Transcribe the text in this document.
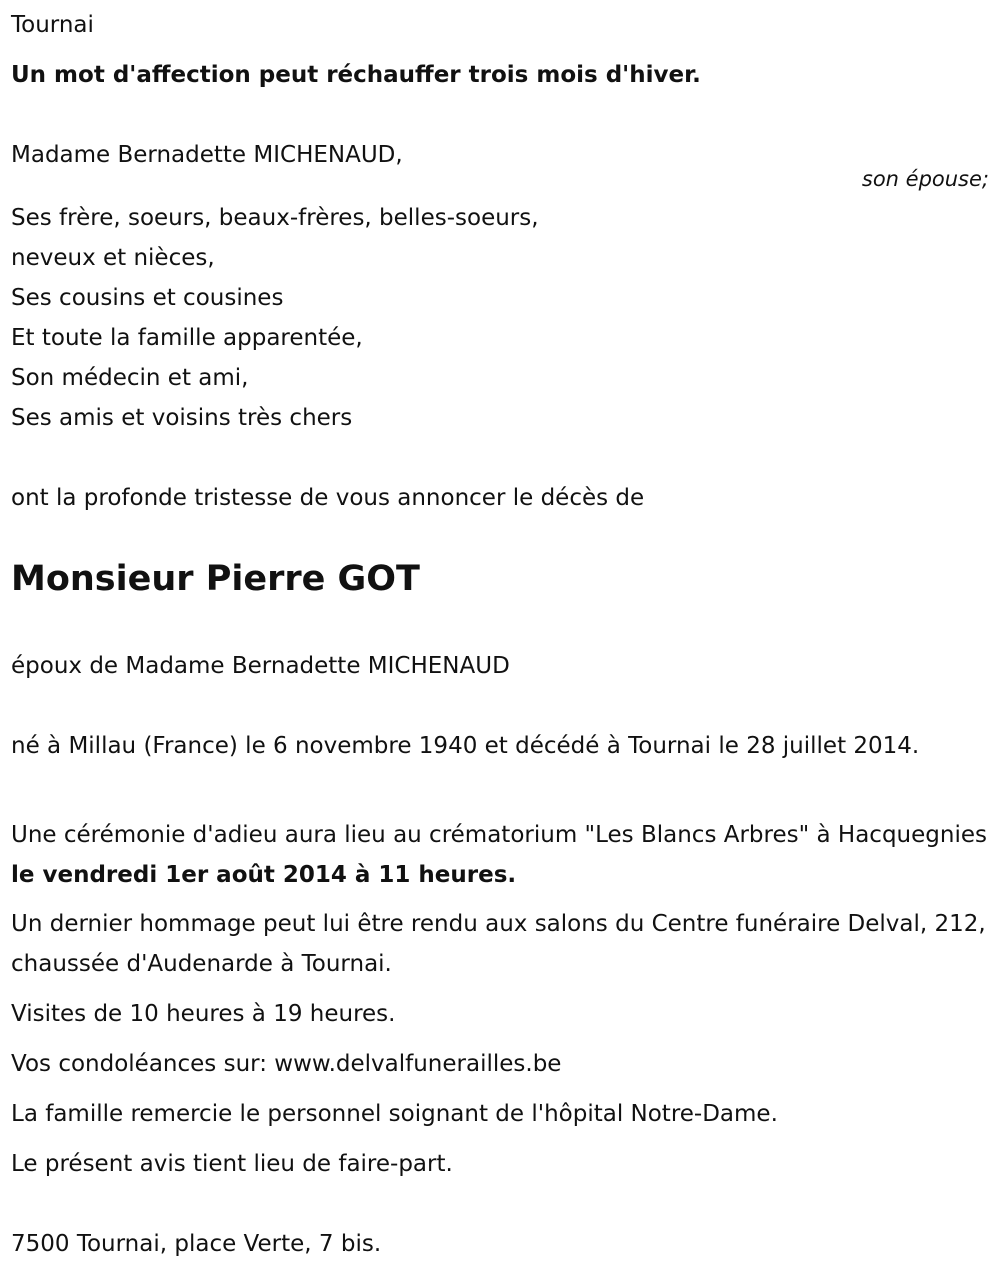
Tournai
Un mot d'affection peut réchauffer trois mois d'hiver.
Madame Bernadette MICHENAUD,
son épouse;
Ses frère, soeurs, beaux-frères, belles-soeurs,
neveux et nièces,
Ses cousins et cousines
Et toute la famille apparentée,
Son médecin et ami,
Ses amis et voisins très chers
ont la profonde tristesse de vous annoncer le décès de
Monsieur Pierre GOT
époux de Madame Bernadette MICHENAUD
né à Millau (France) le 6 novembre 1940 et décédé à Tournai le 28 juillet 2014.
Une cérémonie d'adieu aura lieu au crématorium "Les Blancs Arbres" à Hacquegnies le vendredi 1er août 2014 à 11 heures.
Un dernier hommage peut lui être rendu aux salons du Centre funéraire Delval, 212, chaussée d'Audenarde à Tournai.
Visites de 10 heures à 19 heures.
Vos condoléances sur: www.delvalfunerailles.be
La famille remercie le personnel soignant de l'hôpital Notre-Dame.
Le présent avis tient lieu de faire-part.
7500 Tournai, place Verte, 7 bis.
